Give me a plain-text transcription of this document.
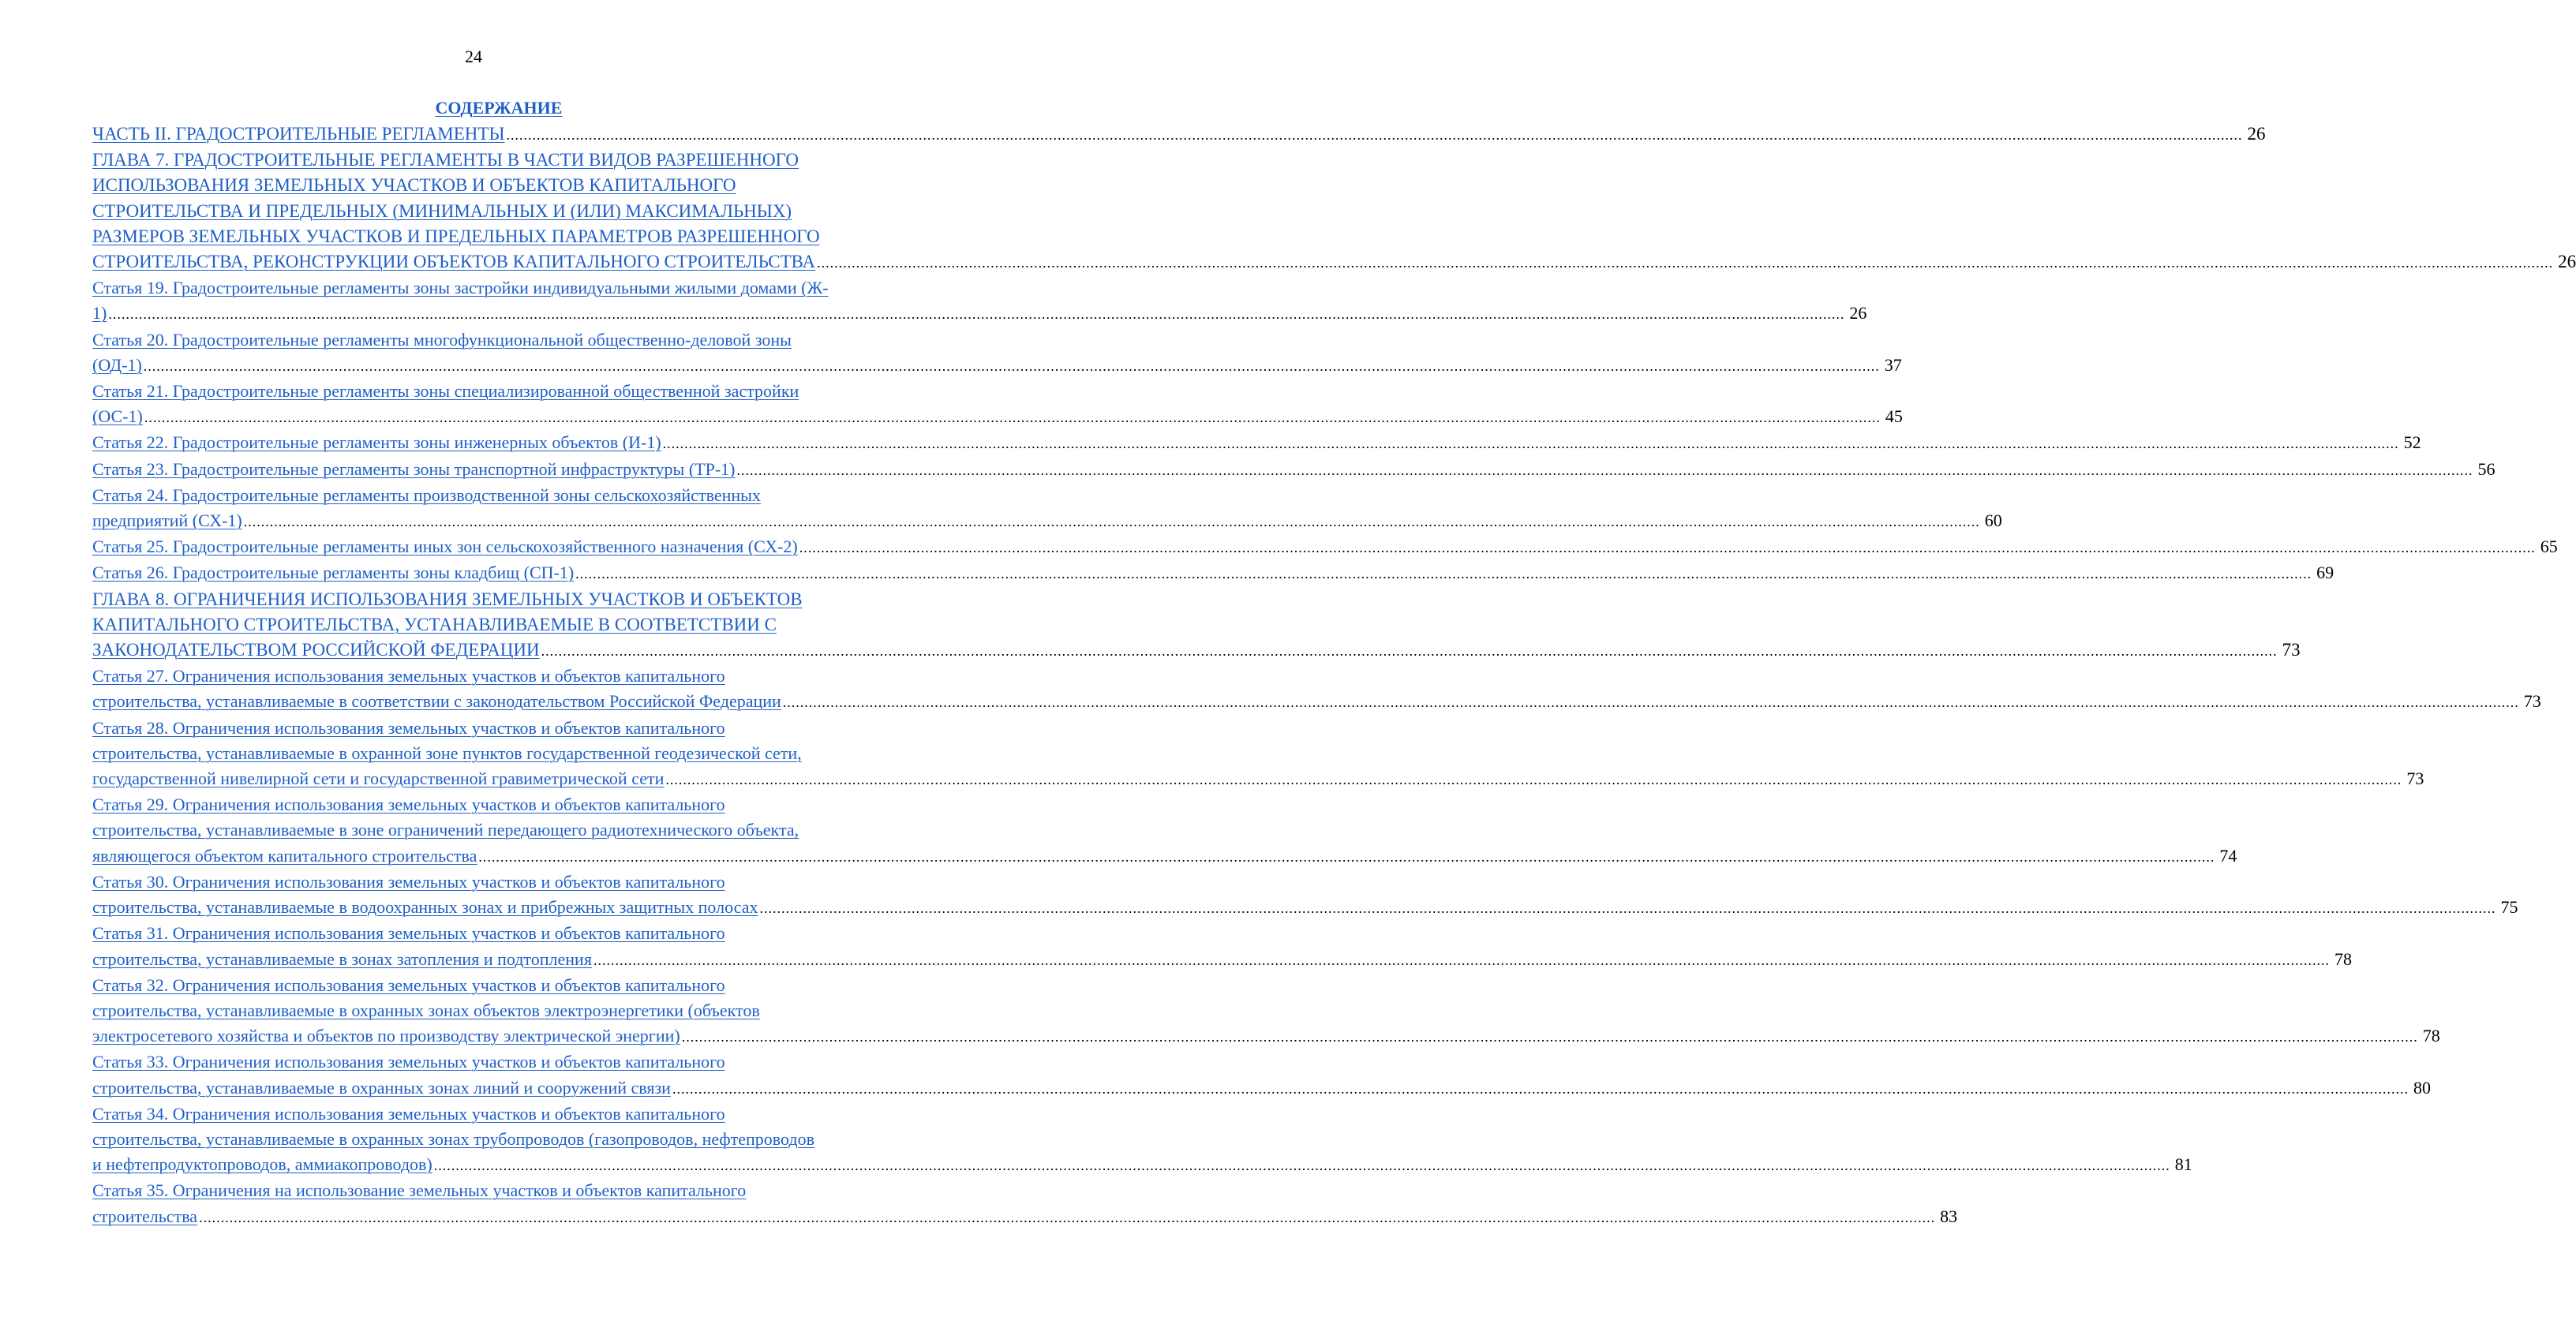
24
СОДЕРЖАНИЕ
ЧАСТЬ II. ГРАДОСТРОИТЕЛЬНЫЕ РЕГЛАМЕНТЫ ................................................................................................................................................................................................................................................................................................................................................................................................................ 26
ГЛАВА 7. ГРАДОСТРОИТЕЛЬНЫЕ РЕГЛАМЕНТЫ В ЧАСТИ ВИДОВ РАЗРЕШЕННОГО
ИСПОЛЬЗОВАНИЯ ЗЕМЕЛЬНЫХ УЧАСТКОВ И ОБЪЕКТОВ КАПИТАЛЬНОГО
СТРОИТЕЛЬСТВА И ПРЕДЕЛЬНЫХ (МИНИМАЛЬНЫХ И (ИЛИ) МАКСИМАЛЬНЫХ)
РАЗМЕРОВ ЗЕМЕЛЬНЫХ УЧАСТКОВ И ПРЕДЕЛЬНЫХ ПАРАМЕТРОВ РАЗРЕШЕННОГО
СТРОИТЕЛЬСТВА, РЕКОНСТРУКЦИИ ОБЪЕКТОВ КАПИТАЛЬНОГО СТРОИТЕЛЬСТВА ................................................................................................................................................................................................................................................................................................................................................................................................................ 26
Статья 19. Градостроительные регламенты зоны застройки индивидуальными жилыми домами (Ж-
1) ................................................................................................................................................................................................................................................................................................................................................................................................................ 26
Статья 20. Градостроительные регламенты многофункциональной общественно-деловой зоны
(ОД-1) ................................................................................................................................................................................................................................................................................................................................................................................................................ 37
Статья 21. Градостроительные регламенты зоны специализированной общественной застройки
(ОС-1) ................................................................................................................................................................................................................................................................................................................................................................................................................ 45
Статья 22. Градостроительные регламенты зоны инженерных объектов (И-1) ................................................................................................................................................................................................................................................................................................................................................................................................................ 52
Статья 23. Градостроительные регламенты зоны транспортной инфраструктуры (ТР-1) ................................................................................................................................................................................................................................................................................................................................................................................................................ 56
Статья 24. Градостроительные регламенты производственной зоны сельскохозяйственных
предприятий (СХ-1) ................................................................................................................................................................................................................................................................................................................................................................................................................ 60
Статья 25. Градостроительные регламенты иных зон сельскохозяйственного назначения (СХ-2) ................................................................................................................................................................................................................................................................................................................................................................................................................ 65
Статья 26. Градостроительные регламенты зоны кладбищ (СП-1) ................................................................................................................................................................................................................................................................................................................................................................................................................ 69
ГЛАВА 8. ОГРАНИЧЕНИЯ ИСПОЛЬЗОВАНИЯ ЗЕМЕЛЬНЫХ УЧАСТКОВ И ОБЪЕКТОВ
КАПИТАЛЬНОГО СТРОИТЕЛЬСТВА, УСТАНАВЛИВАЕМЫЕ В СООТВЕТСТВИИ С
ЗАКОНОДАТЕЛЬСТВОМ РОССИЙСКОЙ ФЕДЕРАЦИИ ................................................................................................................................................................................................................................................................................................................................................................................................................ 73
Статья 27. Ограничения использования земельных участков и объектов капитального
строительства, устанавливаемые в соответствии с законодательством Российской Федерации ................................................................................................................................................................................................................................................................................................................................................................................................................ 73
Статья 28. Ограничения использования земельных участков и объектов капитального
строительства, устанавливаемые в охранной зоне пунктов государственной геодезической сети,
государственной нивелирной сети и государственной гравиметрической сети ................................................................................................................................................................................................................................................................................................................................................................................................................ 73
Статья 29. Ограничения использования земельных участков и объектов капитального
строительства, устанавливаемые в зоне ограничений передающего радиотехнического объекта,
являющегося объектом капитального строительства ................................................................................................................................................................................................................................................................................................................................................................................................................ 74
Статья 30. Ограничения использования земельных участков и объектов капитального
строительства, устанавливаемые в водоохранных зонах и прибрежных защитных полосах ................................................................................................................................................................................................................................................................................................................................................................................................................ 75
Статья 31. Ограничения использования земельных участков и объектов капитального
строительства, устанавливаемые в зонах затопления и подтопления ................................................................................................................................................................................................................................................................................................................................................................................................................ 78
Статья 32. Ограничения использования земельных участков и объектов капитального
строительства, устанавливаемые в охранных зонах объектов электроэнергетики (объектов
электросетевого хозяйства и объектов по производству электрической энергии) ................................................................................................................................................................................................................................................................................................................................................................................................................ 78
Статья 33. Ограничения использования земельных участков и объектов капитального
строительства, устанавливаемые в охранных зонах линий и сооружений связи ................................................................................................................................................................................................................................................................................................................................................................................................................ 80
Статья 34. Ограничения использования земельных участков и объектов капитального
строительства, устанавливаемые в охранных зонах трубопроводов (газопроводов, нефтепроводов
и нефтепродуктопроводов, аммиакопроводов) ................................................................................................................................................................................................................................................................................................................................................................................................................ 81
Статья 35. Ограничения на использование земельных участков и объектов капитального
строительства ................................................................................................................................................................................................................................................................................................................................................................................................................ 83
